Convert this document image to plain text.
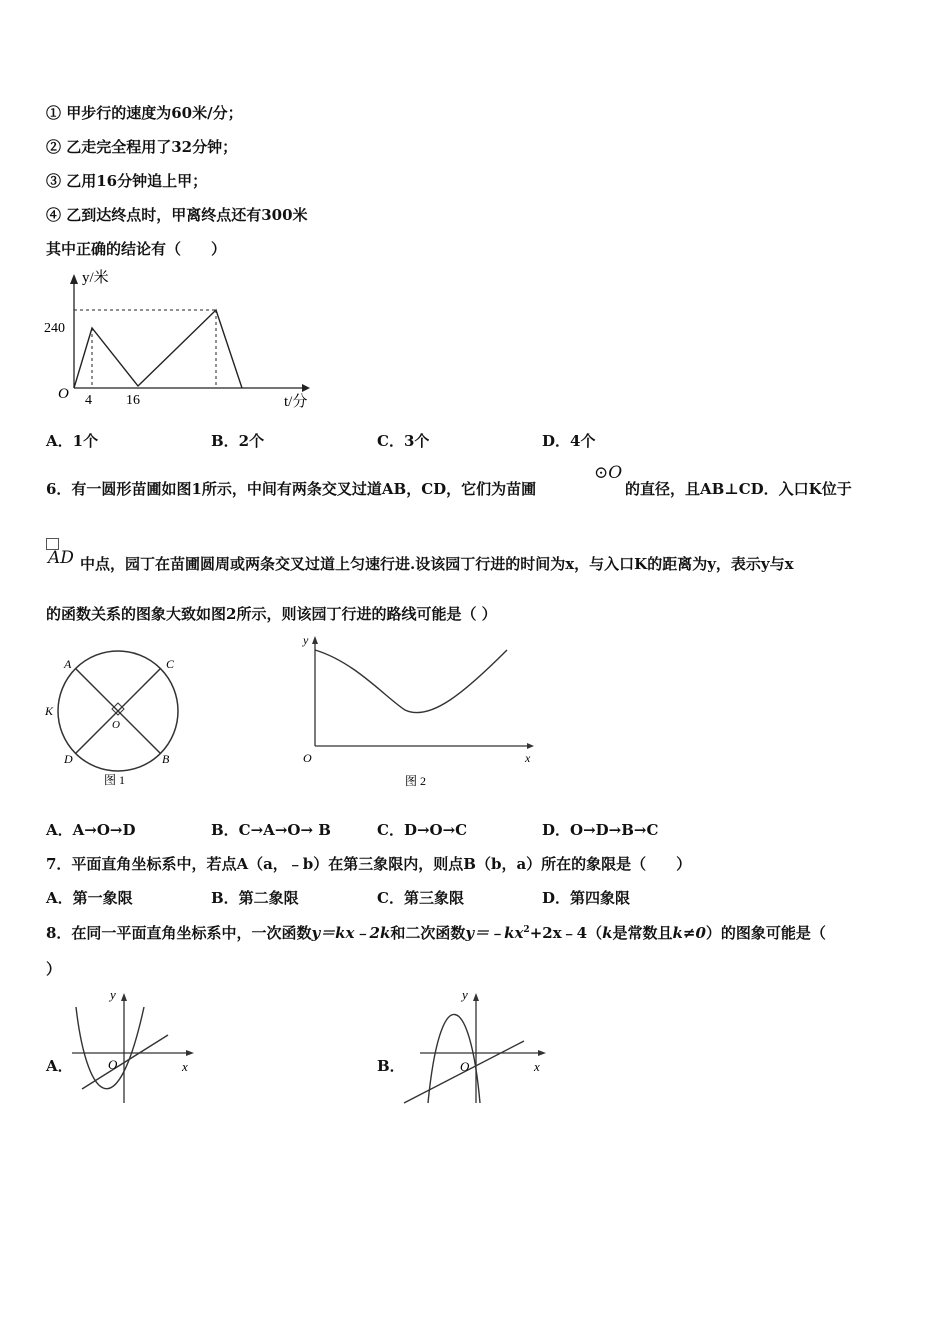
① 甲步行的速度为60米/分；
② 乙走完全程用了32分钟；
③ 乙用16分钟追上甲；
④ 乙到达终点时，甲离终点还有300米
其中正确的结论有（　　）
y/米
240
O 4 16	t/分
A．1个	B．2个	C．3个	D．4个
6．有一圆形苗圃如图1所示，中间有两条交叉过道AB，CD，它们为苗圃
⊙O
的直径，且AB⊥CD．入口K位于
AD 中点，园丁在苗圃圆周或两条交叉过道上匀速行进.设该园丁行进的时间为x，与入口K的距离为y，表示y与x
的函数关系的图象大致如图2所示，则该园丁行进的路线可能是（ ）
A	C
K
O
D	B
图 1
y
O	x
图 2
A．A→O→D	B．C→A→O→ B	C．D→O→C	D．O→D→B→C
7．平面直角坐标系中，若点A（a，﹣b）在第三象限内，则点B（b，a）所在的象限是（　　）
A．第一象限	B．第二象限	C．第三象限	D．第四象限
8．在同一平面直角坐标系中，一次函数y＝kx﹣2k和二次函数$y=﹣kx^2+2x﹣4(k$是常数且k≠0）的图象可能是（
）
A．	O	x
y
B．	O	x
y
